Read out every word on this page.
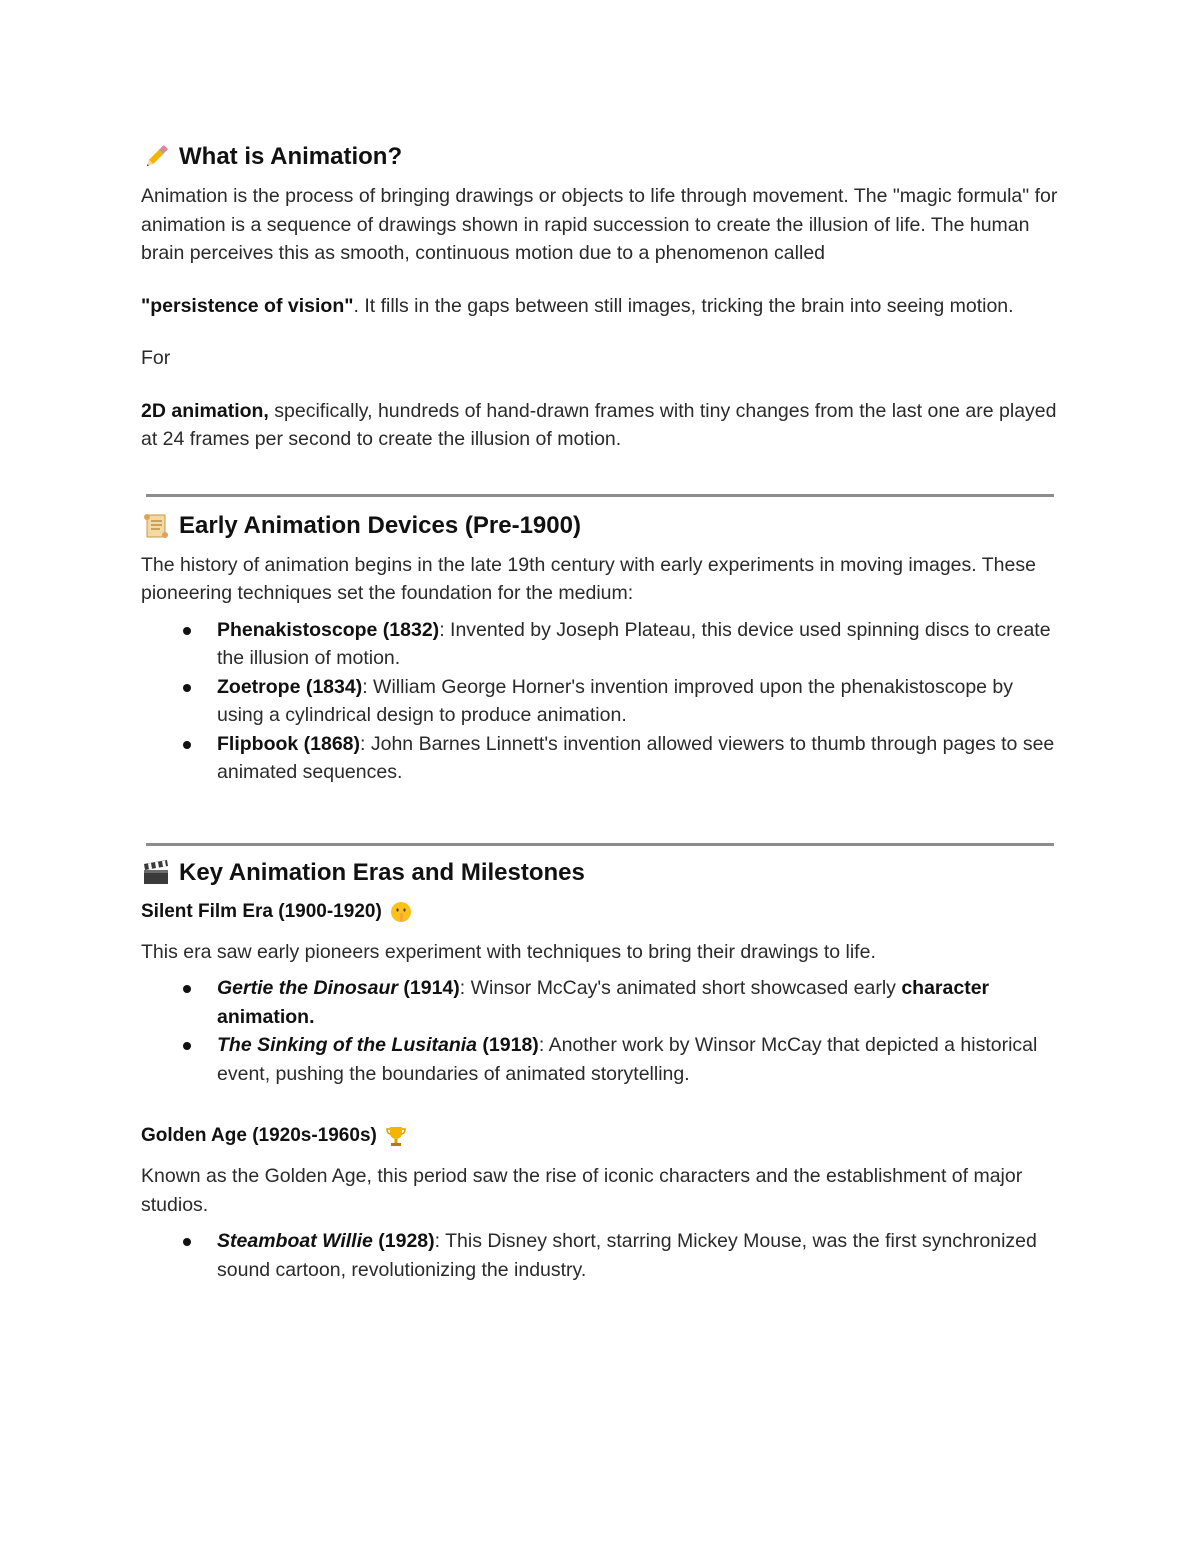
What is Animation?

Animation is the process of bringing drawings or objects to life through movement. The "magic formula" for animation is a sequence of drawings shown in rapid succession to create the illusion of life. The human brain perceives this as smooth, continuous motion due to a phenomenon called

"persistence of vision". It fills in the gaps between still images, tricking the brain into seeing motion.

For

2D animation, specifically, hundreds of hand-drawn frames with tiny changes from the last one are played at 24 frames per second to create the illusion of motion.

Early Animation Devices (Pre-1900)

The history of animation begins in the late 19th century with early experiments in moving images. These pioneering techniques set the foundation for the medium:

Phenakistoscope (1832): Invented by Joseph Plateau, this device used spinning discs to create the illusion of motion.
Zoetrope (1834): William George Horner's invention improved upon the phenakistoscope by using a cylindrical design to produce animation.
Flipbook (1868): John Barnes Linnett's invention allowed viewers to thumb through pages to see animated sequences.
Key Animation Eras and Milestones
Silent Film Era (1900-1920)

This era saw early pioneers experiment with techniques to bring their drawings to life.

Gertie the Dinosaur (1914): Winsor McCay's animated short showcased early character animation.
The Sinking of the Lusitania (1918): Another work by Winsor McCay that depicted a historical event, pushing the boundaries of animated storytelling.
Golden Age (1920s-1960s)

Known as the Golden Age, this period saw the rise of iconic characters and the establishment of major studios.

Steamboat Willie (1928): This Disney short, starring Mickey Mouse, was the first synchronized sound cartoon, revolutionizing the industry.
